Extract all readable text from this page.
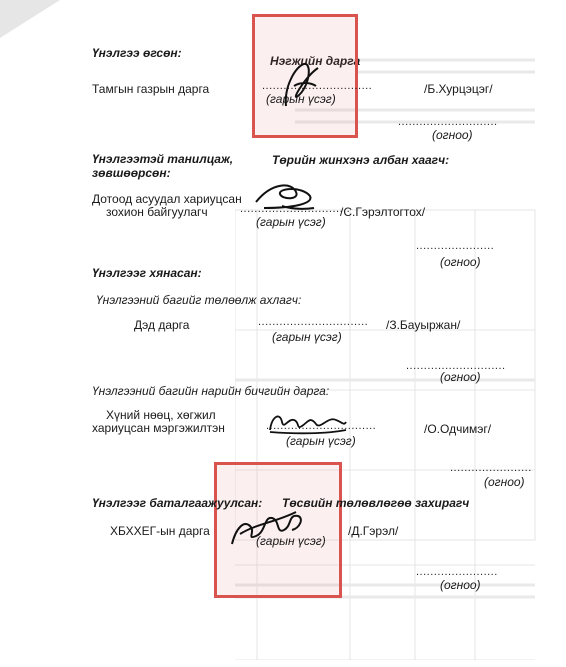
Үнэлгээ өгсөн:
Нэгжийн дарга
Тамгын газрын дарга	...............................	/Б.Хурцэцэг/
(гарын үсэг)
............................
(огноо)
Үнэлгээтэй танилцаж,
зөвшөөрсөн:
Төрийн жинхэнэ албан хаагч:
Дотоод асуудал хариуцсан
зохион байгуулагч	...............................
/С.Гэрэлтогтох/
(гарын үсэг)
......................
(огноо)
Үнэлгээг хянасан:
Үнэлгээний багийг төлөөлж ахлагч:
Дэд дарга	............................... /З.Бауыржан/
(гарын үсэг)
............................
(огноо)
Үнэлгээний багийн нарийн бичгийн дарга:
Хүний нөөц, хөгжил
хариуцсан мэргэжилтэн	...............................	/О.Одчимэг/
(гарын үсэг)
.......................
(огноо)
Үнэлгээг баталгаажуулсан: Төсвийн төлөвлөгөө захирагч
ХБХХЕГ-ын дарга	/Д.Гэрэл/
(гарын үсэг)
.......................
(огноо)
